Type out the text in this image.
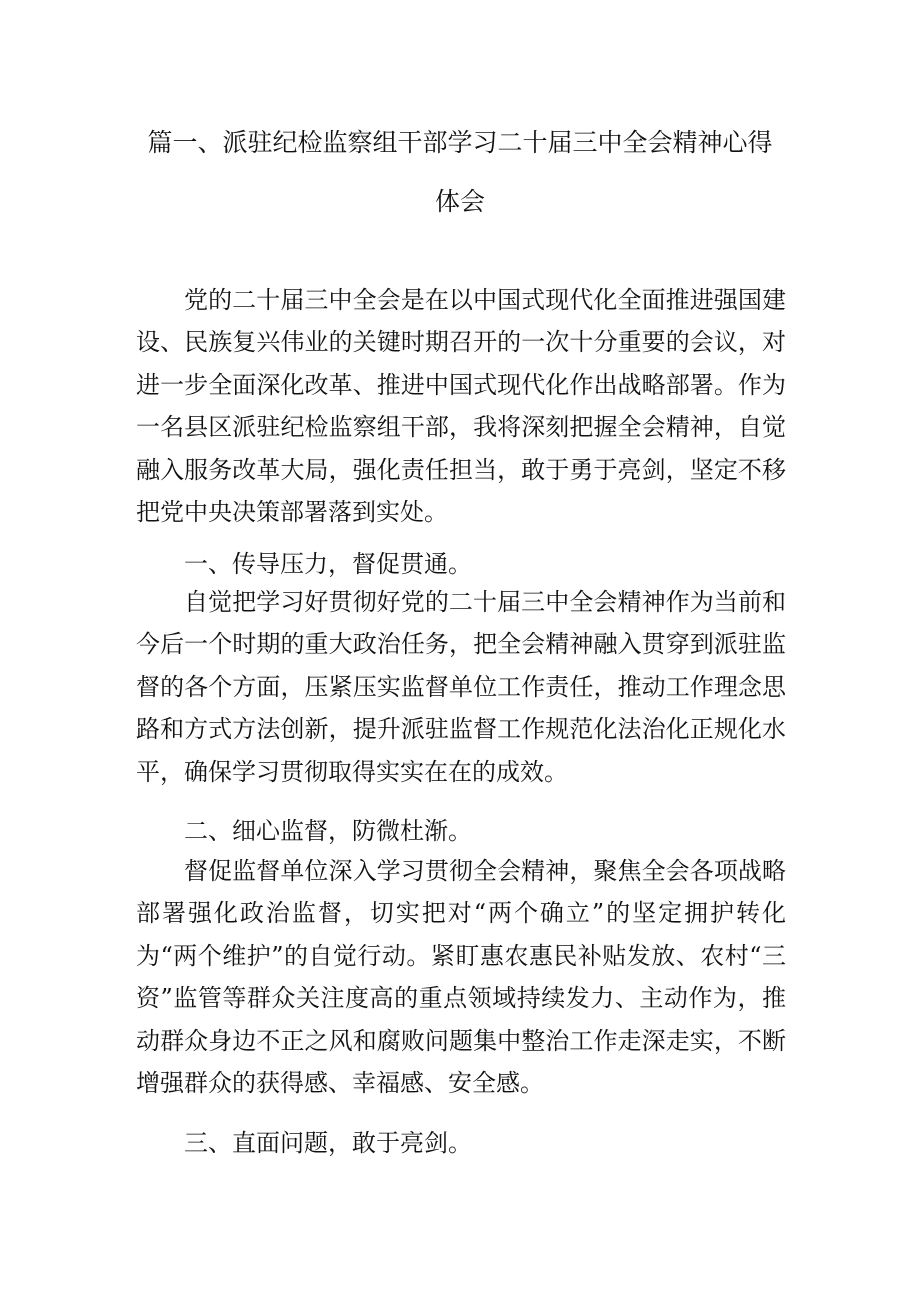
篇一、派驻纪检监察组干部学习二十届三中全会精神心得
体会

党的二十届三中全会是在以中国式现代化全面推进强国建设、民族复兴伟业的关键时期召开的一次十分重要的会议，对进一步全面深化改革、推进中国式现代化作出战略部署。作为一名县区派驻纪检监察组干部，我将深刻把握全会精神，自觉融入服务改革大局，强化责任担当，敢于勇于亮剑，坚定不移把党中央决策部署落到实处。

一、传导压力，督促贯通。

自觉把学习好贯彻好党的二十届三中全会精神作为当前和今后一个时期的重大政治任务，把全会精神融入贯穿到派驻监督的各个方面，压紧压实监督单位工作责任，推动工作理念思路和方式方法创新，提升派驻监督工作规范化法治化正规化水平，确保学习贯彻取得实实在在的成效。

二、细心监督，防微杜渐。

督促监督单位深入学习贯彻全会精神，聚焦全会各项战略部署强化政治监督，切实把对“两个确立”的坚定拥护转化为“两个维护”的自觉行动。紧盯惠农惠民补贴发放、农村“三资”监管等群众关注度高的重点领域持续发力、主动作为，推动群众身边不正之风和腐败问题集中整治工作走深走实，不断增强群众的获得感、幸福感、安全感。

三、直面问题，敢于亮剑。
